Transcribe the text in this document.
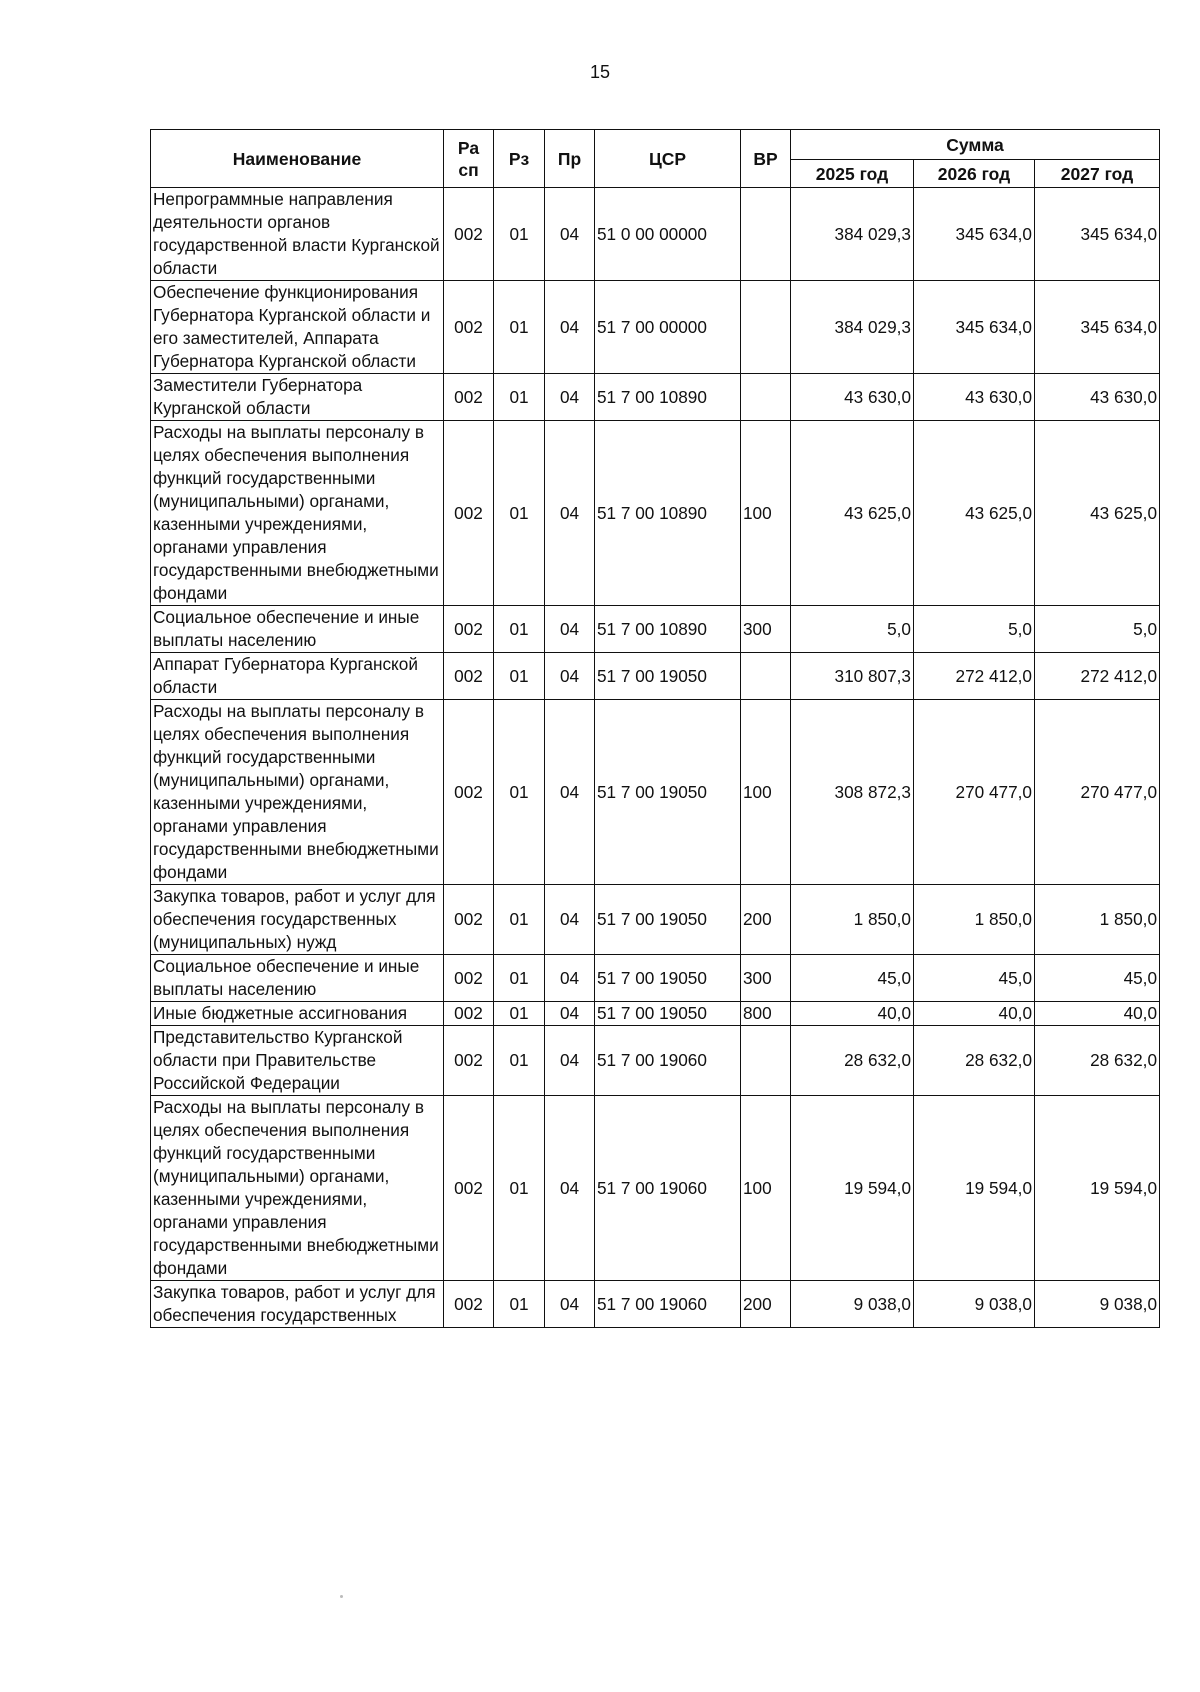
15
Наименование	Ра сп	Рз	Пр	ЦСР	ВР	Сумма		
						2025 год	2026 год	2027 год
Непрограммные направления деятельности органов государственной власти Курганской области	002	01	04	51 0 00 00000		384 029,3	345 634,0	345 634,0
Обеспечение функционирования Губернатора Курганской области и его заместителей, Аппарата Губернатора Курганской области	002	01	04	51 7 00 00000		384 029,3	345 634,0	345 634,0
Заместители Губернатора Курганской области	002	01	04	51 7 00 10890		43 630,0	43 630,0	43 630,0
Расходы на выплаты персоналу в целях обеспечения выполнения функций государственными (муниципальными) органами, казенными учреждениями, органами управления государственными внебюджетными фондами	002	01	04	51 7 00 10890	100	43 625,0	43 625,0	43 625,0
Социальное обеспечение и иные выплаты населению	002	01	04	51 7 00 10890	300	5,0	5,0	5,0
Аппарат Губернатора Курганской области	002	01	04	51 7 00 19050		310 807,3	272 412,0	272 412,0
Расходы на выплаты персоналу в целях обеспечения выполнения функций государственными (муниципальными) органами, казенными учреждениями, органами управления государственными внебюджетными фондами	002	01	04	51 7 00 19050	100	308 872,3	270 477,0	270 477,0
Закупка товаров, работ и услуг для обеспечения государственных (муниципальных) нужд	002	01	04	51 7 00 19050	200	1 850,0	1 850,0	1 850,0
Социальное обеспечение и иные выплаты населению	002	01	04	51 7 00 19050	300	45,0	45,0	45,0
Иные бюджетные ассигнования	002	01	04	51 7 00 19050	800	40,0	40,0	40,0
Представительство Курганской области при Правительстве Российской Федерации	002	01	04	51 7 00 19060		28 632,0	28 632,0	28 632,0
Расходы на выплаты персоналу в целях обеспечения выполнения функций государственными (муниципальными) органами, казенными учреждениями, органами управления государственными внебюджетными фондами	002	01	04	51 7 00 19060	100	19 594,0	19 594,0	19 594,0
Закупка товаров, работ и услуг для обеспечения государственных	002	01	04	51 7 00 19060	200	9 038,0	9 038,0	9 038,0
